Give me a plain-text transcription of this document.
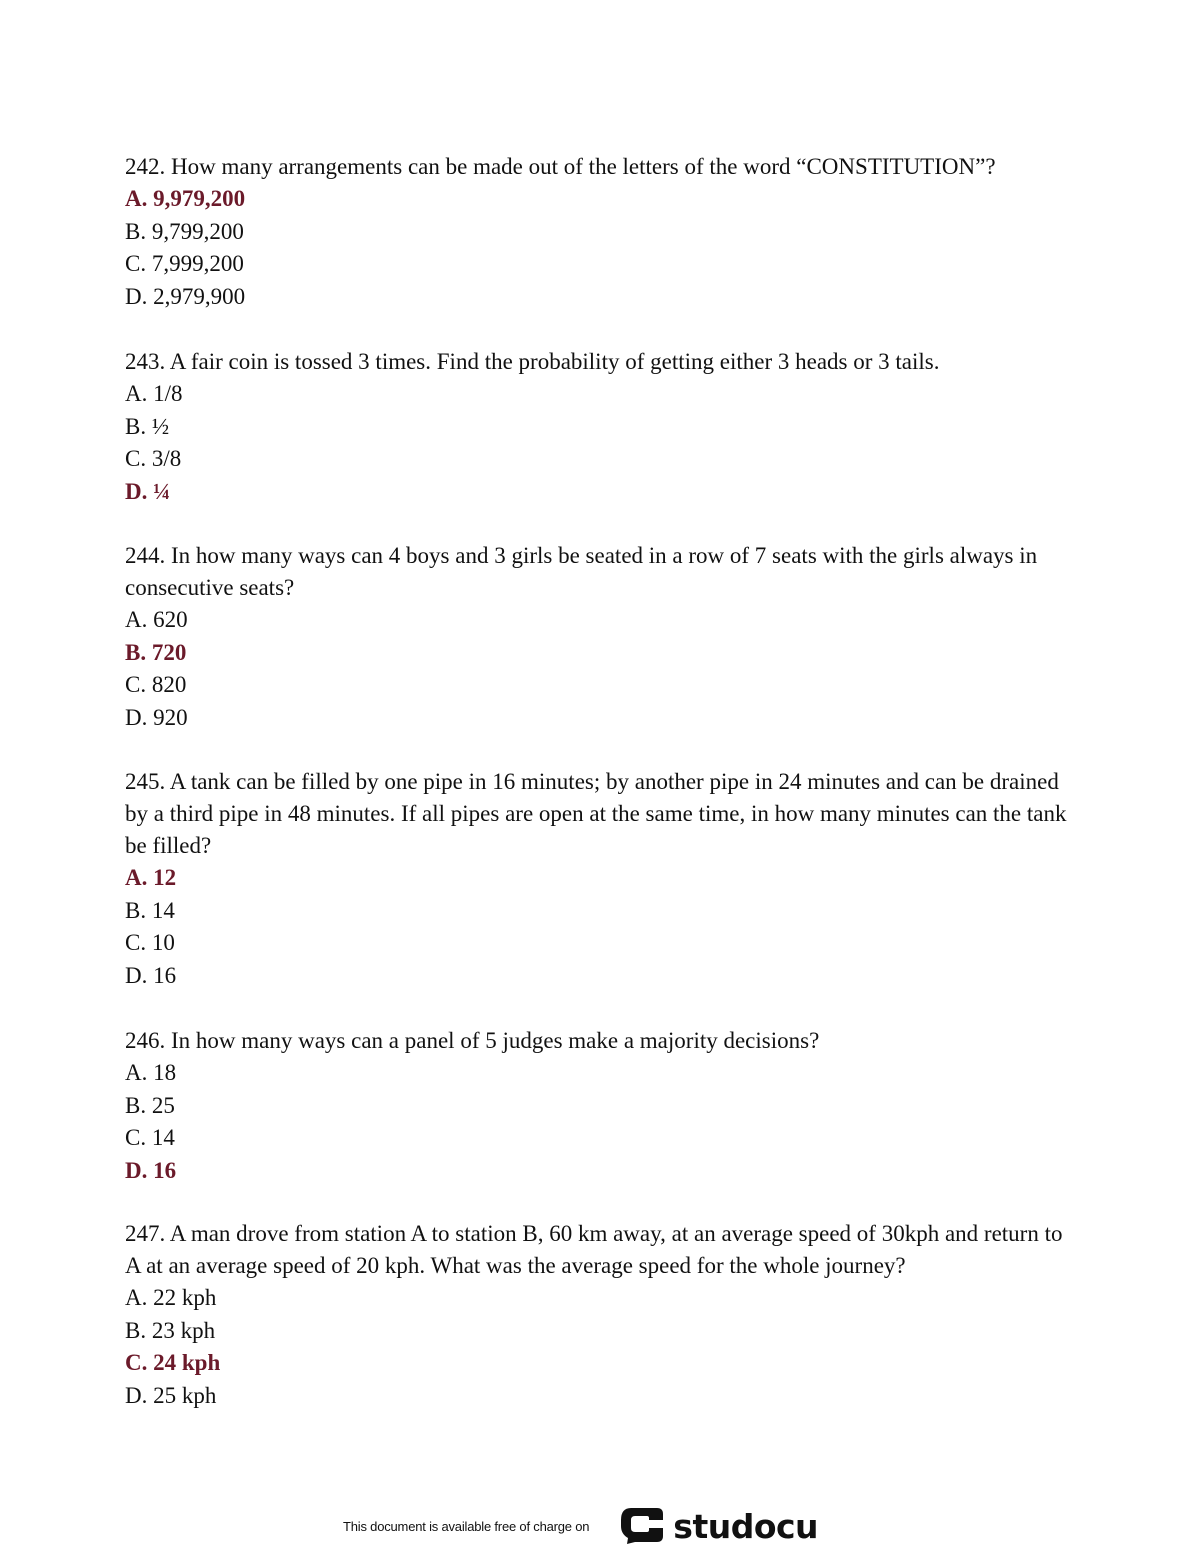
242. How many arrangements can be made out of the letters of the word “CONSTITUTION”?

A. 9,979,200

B. 9,799,200

C. 7,999,200

D. 2,979,900

243. A fair coin is tossed 3 times. Find the probability of getting either 3 heads or 3 tails.

A. 1/8

B. ½

C. 3/8

D. ¼

244. In how many ways can 4 boys and 3 girls be seated in a row of 7 seats with the girls always in consecutive seats?

A. 620

B. 720

C. 820

D. 920

245. A tank can be filled by one pipe in 16 minutes; by another pipe in 24 minutes and can be drained by a third pipe in 48 minutes. If all pipes are open at the same time, in how many minutes can the tank be filled?

A. 12

B. 14

C. 10

D. 16

246. In how many ways can a panel of 5 judges make a majority decisions?

A. 18

B. 25

C. 14

D. 16

247. A man drove from station A to station B, 60 km away, at an average speed of 30kph and return to A at an average speed of 20 kph. What was the average speed for the whole journey?

A. 22 kph

B. 23 kph

C. 24 kph

D. 25 kph

This document is available free of charge on	studocu
